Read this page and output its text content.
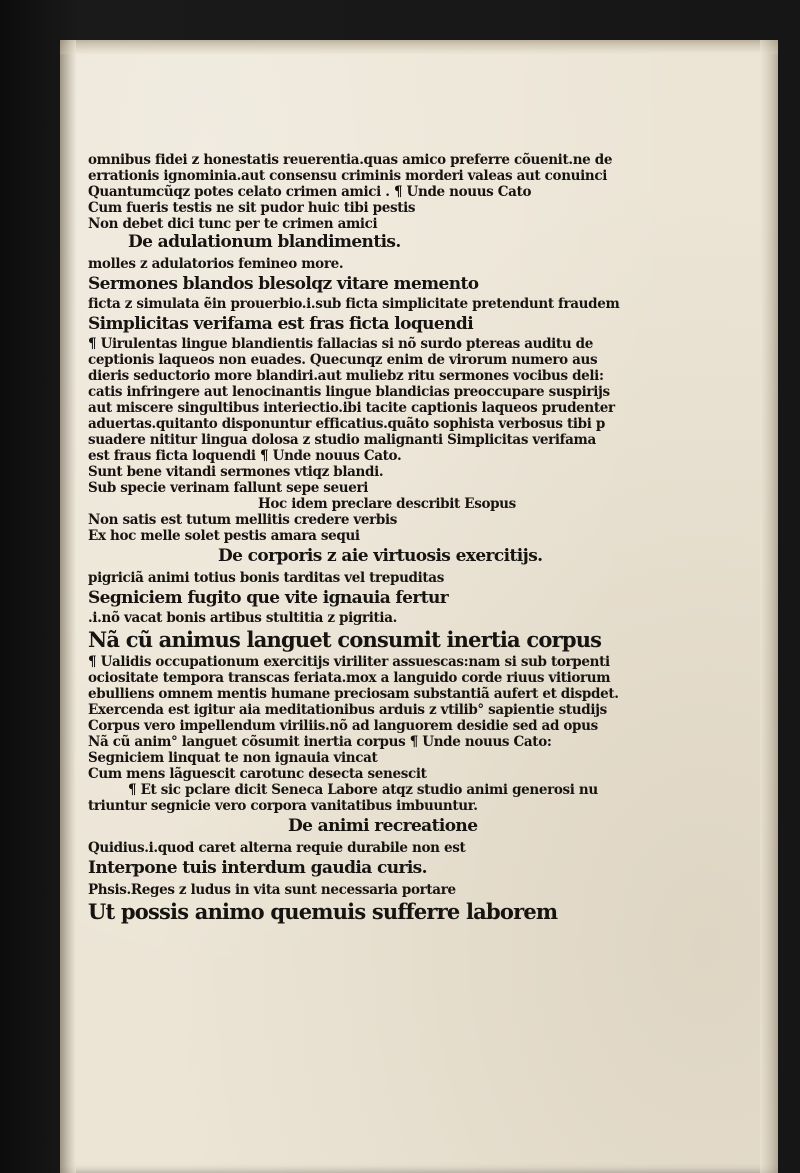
omnibus fidei z honestatis reuerentia.quas amico preferre cõuenit.ne de
errationis ignominia.aut consensu criminis morderi valeas aut conuinci
Quantumcũqz potes celato crimen amici . ¶ Unde nouus Cato
Cum fueris testis ne sit pudor huic tibi pestis
Non debet dici tunc per te crimen amici
De adulationum blandimentis.
molles z adulatorios femineo more.
Sermones blandos blesolqz vitare memento
ficta z simulata ẽin prouerbio.i.sub ficta simplicitate pretendunt fraudem
Simplicitas verifama est fras ficta loquendi
¶ Uirulentas lingue blandientis fallacias si nõ surdo ptereas auditu de
ceptionis laqueos non euades. Quecunqz enim de virorum numero aus
dieris seductorio more blandiri.aut muliebz ritu sermones vocibus deli:
catis infringere aut lenocinantis lingue blandicias preoccupare suspirijs
aut miscere singultibus interiectio.ibi tacite captionis laqueos prudenter
aduertas.quitanto disponuntur efficatius.quãto sophista verbosus tibi p
suadere nititur lingua dolosa z studio malignanti Simplicitas verifama
est fraus ficta loquendi ¶ Unde nouus Cato.
Sunt bene vitandi sermones vtiqz blandi.
Sub specie verinam fallunt sepe seueri
Hoc idem preclare describit Esopus
Non satis est tutum mellitis credere verbis
Ex hoc melle solet pestis amara sequi
De corporis z aie virtuosis exercitijs.
pigriciã animi totius bonis tarditas vel trepuditas
Segniciem fugito que vite ignauia fertur
.i.nõ vacat bonis artibus stultitia z pigritia.
Nã cũ animus languet consumit inertia corpus
¶ Ualidis occupationum exercitijs viriliter assuescas:nam si sub torpenti
ociositate tempora transcas feriata.mox a languido corde riuus vitiorum
ebulliens omnem mentis humane preciosam substantiã aufert et dispdet.
Exercenda est igitur aia meditationibus arduis z vtilib° sapientie studijs
Corpus vero impellendum viriliis.nõ ad languorem desidie sed ad opus
Nã cũ anim° languet cõsumit inertia corpus ¶ Unde nouus Cato:
Segniciem linquat te non ignauia vincat
Cum mens lãguescit carotunc desecta senescit
¶ Et sic pclare dicit Seneca Labore atqz studio animi generosi nu
triuntur segnicie vero corpora vanitatibus imbuuntur.
De animi recreatione
Quidius.i.quod caret alterna requie durabile non est
Interpone tuis interdum gaudia curis.
Phsis.Reges z ludus in vita sunt necessaria portare
Ut possis animo quemuis sufferre laborem
